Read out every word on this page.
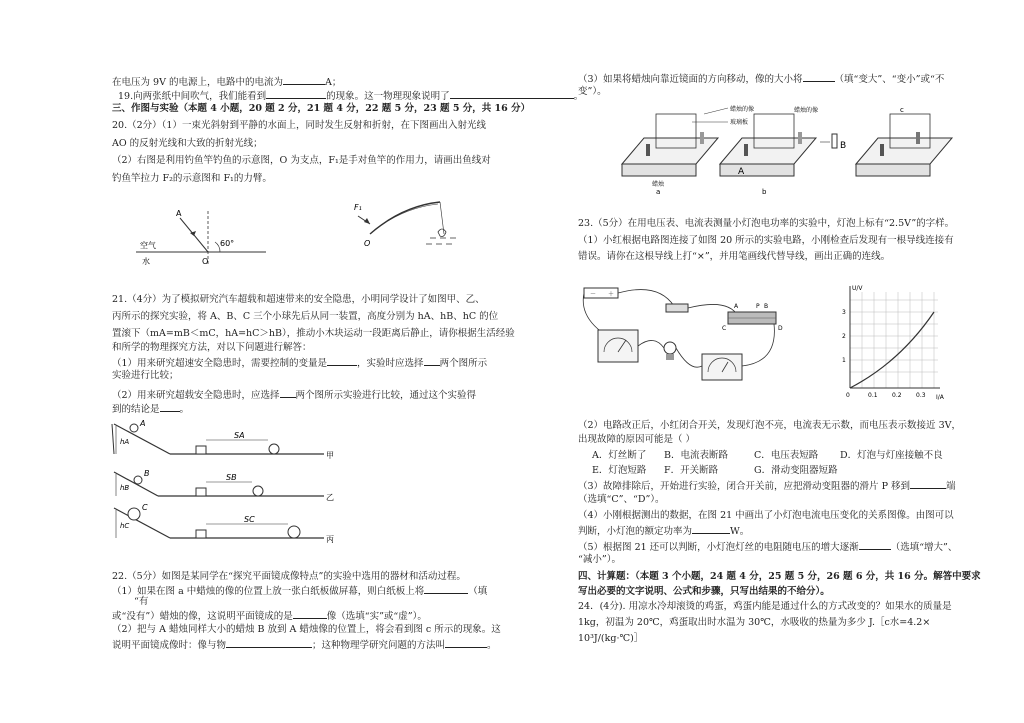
在电压为 9V 的电源上，电路中的电流为	A；
19.向两张纸中间吹气，我们能看到	的现象。这一物理现象说明了	。
三、作图与实验（本题 4 小题，20 题 2 分，21 题 4 分，22 题 5 分，23 题 5 分，共 16 分）
20.（2分）（1）一束光斜射到平静的水面上，同时发生反射和折射，在下图画出入射光线
AO 的反射光线和大致的折射光线；
（2）右图是利用钓鱼竿钓鱼的示意图，O 为支点，F₁是手对鱼竿的作用力，请画出鱼线对
钓鱼竿拉力 F₂的示意图和 F₁的力臂。
A
60°
空气
水	O
F₁
O
21.（4分）为了模拟研究汽车超载和超速带来的安全隐患，小明同学设计了如图甲、乙、
丙所示的探究实验，将 A、B、C 三个小球先后从同一装置，高度分别为 hA、hB、hC 的位
置滚下（mA=mB＜mC，hA=hC＞hB），推动小木块运动一段距离后静止，请你根据生活经验
和所学的物理探究方法，对以下问题进行解答：
（1）用来研究超速安全隐患时，需要控制的变量是	，实验时应选择 两个图所示
实验进行比较；
（2）用来研究超载安全隐患时，应选择 两个图所示实验进行比较，通过这个实验得
到的结论是 。
A
hA
SA
甲
B
hB
SB
乙
C
hC
SC
丙
22.（5分）如图是某同学在“探究平面镜成像特点”的实验中选用的器材和活动过程。
（1）如果在图 a 中蜡烛的像的位置上放一张白纸板做屏幕，则白纸板上将	（填
“有
或“没有”）蜡烛的像，这说明平面镜成的是	像（选填“实”或“虚”）。
（2）把与 A 蜡烛同样大小的蜡烛 B 放到 A 蜡烛像的位置上，将会看到图 c 所示的现象。这
说明平面镜成像时：像与物	；这种物理学研究问题的方法叫	。
（3）如果将蜡烛向靠近镜面的方向移动，像的大小将	（填“变大”、“变小”或“不
变”）。
蜡烛的像
玻璃板
蜡烛
a
蜡烛的像
A
b
B
c
23.（5分）在用电压表、电流表测量小灯泡电功率的实验中，灯泡上标有“2.5V”的字样。
（1）小红根据电路图连接了如图 20 所示的实验电路，小刚检查后发现有一根导线连接有
错误。请你在这根导线上打“×”，并用笔画线代替导线，画出正确的连线。
－ ＋
P
C	D
B
A
U/V
I/A
3
2
1
0	0.1 0.2 0.3
（2）电路改正后，小红闭合开关，发现灯泡不亮，电流表无示数，而电压表示数接近 3V，
出现故障的原因可能是（ ）
A．灯丝断了 B．电流表断路	C．电压表短路 D．灯泡与灯座接触不良
E．灯泡短路 F．开关断路	G．滑动变阻器短路
（3）故障排除后，开始进行实验，闭合开关前，应把滑动变阻器的滑片 P 移到	端
（选填“C”、“D”）。
（4）小刚根据测出的数据，在图 21 中画出了小灯泡电流电压变化的关系图像。由图可以
判断，小灯泡的额定功率为	W。
（5）根据图 21 还可以判断，小灯泡灯丝的电阻随电压的增大逐渐	（选填“增大”、
“减小”）。
四、计算题：（本题 3 个小题，24 题 4 分，25 题 5 分，26 题 6 分，共 16 分。解答中要求
写出必要的文字说明、公式和步骤，只写出结果的不给分）。
24．(4分). 用凉水冷却滚烫的鸡蛋，鸡蛋内能是通过什么的方式改变的？如果水的质量是
1kg，初温为 20℃，鸡蛋取出时水温为 30℃，水吸收的热量为多少 J.［c水=4.2×
10³J/(kg·℃)］
